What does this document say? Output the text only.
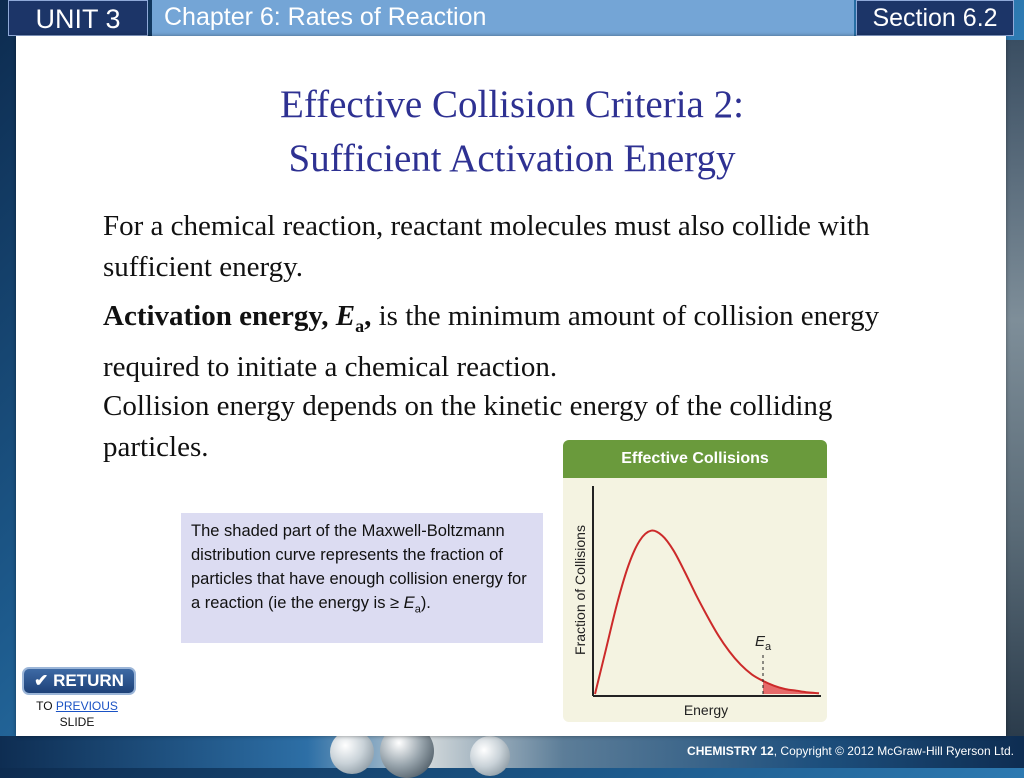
UNIT 3	Chapter 6: Rates of Reaction	Section 6.2
Effective Collision Criteria 2:
Sufficient Activation Energy
For a chemical reaction, reactant molecules must also collide with sufficient energy.
Activation energy, $E_a$, is the minimum amount of collision energy required to initiate a chemical reaction.
Collision energy depends on the kinetic energy of the colliding particles.
The shaded part of the Maxwell-Boltzmann distribution curve represents the fraction of particles that have enough collision energy for a reaction (ie the energy is ≥ $E_a$).
Effective Collisions
$E_a$
Energy
Fraction of Collisions
✔ RETURN
TO PREVIOUS
SLIDE
CHEMISTRY 12, Copyright © 2012 McGraw-Hill Ryerson Ltd.
